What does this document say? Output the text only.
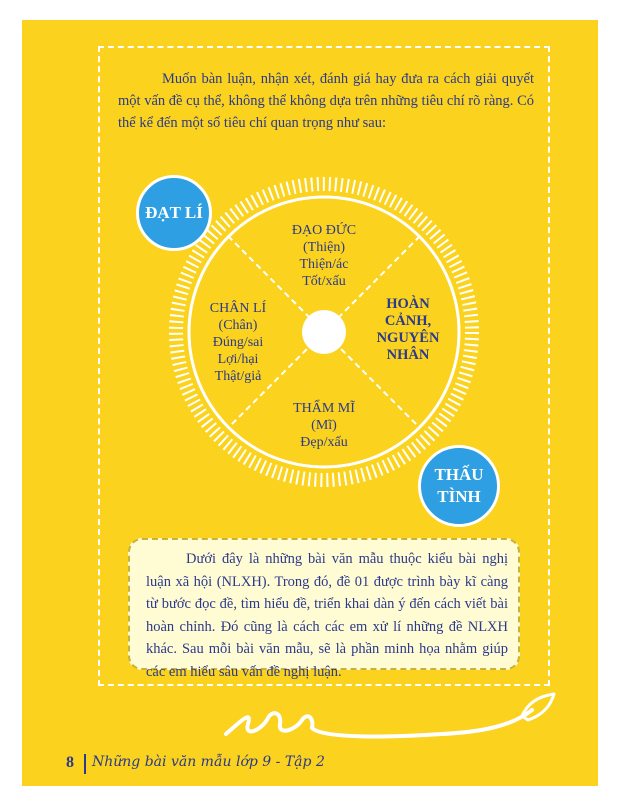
Muốn bàn luận, nhận xét, đánh giá hay đưa ra cách giải quyết một vấn đề cụ thể, không thể không dựa trên những tiêu chí rõ ràng. Có thể kể đến một số tiêu chí quan trọng như sau:
ĐẠT LÍ
THẤU
TÌNH
ĐẠO ĐỨC
(Thiện)
Thiện/ác
Tốt/xấu
CHÂN LÍ
(Chân)
Đúng/sai
Lợi/hại
Thật/giả
HOÀN
CẢNH,
NGUYÊN
NHÂN
THẨM MĨ
(Mĩ)
Đẹp/xấu
Dưới đây là những bài văn mẫu thuộc kiểu bài nghị luận xã hội (NLXH). Trong đó, đề 01 được trình bày kĩ càng từ bước đọc đề, tìm hiểu đề, triển khai dàn ý đến cách viết bài hoàn chỉnh. Đó cũng là cách các em xử lí những đề NLXH khác. Sau mỗi bài văn mẫu, sẽ là phần minh họa nhằm giúp các em hiểu sâu vấn đề nghị luận.
8 Những bài văn mẫu lớp 9 - Tập 2
